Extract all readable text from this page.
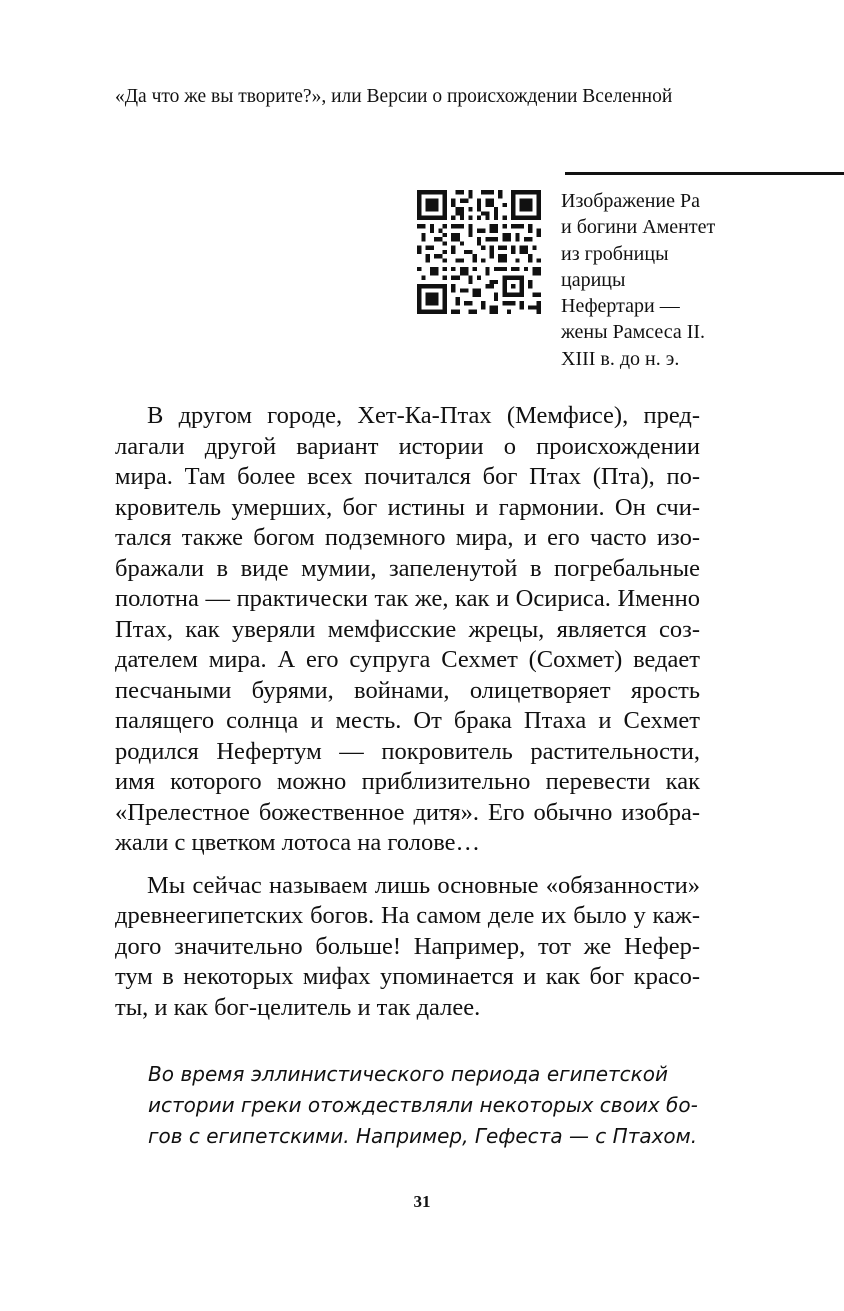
«Да что же вы творите?», или Версии о происхождении Вселенной
Изображение Ра
и богини Аментет
из гробницы
царицы
Нефертари —
жены Рамсеса II.
XIII в. до н. э.
В другом городе, Хет-Ка-Птах (Мемфисе), пред-
лагали другой вариант истории о происхождении
мира. Там более всех почитался бог Птах (Пта), по-
кровитель умерших, бог истины и гармонии. Он счи-
тался также богом подземного мира, и его часто изо-
бражали в виде мумии, запеленутой в погребальные
полотна — практически так же, как и Осириса. Именно
Птах, как уверяли мемфисские жрецы, является соз-
дателем мира. А его супруга Сехмет (Сохмет) ведает
песчаными бурями, войнами, олицетворяет ярость
палящего солнца и месть. От брака Птаха и Сехмет
родился Нефертум — покровитель растительности,
имя которого можно приблизительно перевести как
«Прелестное божественное дитя». Его обычно изобра-
жали с цветком лотоса на голове…
Мы сейчас называем лишь основные «обязанности»
древнеегипетских богов. На самом деле их было у каж-
дого значительно больше! Например, тот же Нефер-
тум в некоторых мифах упоминается и как бог красо-
ты, и как бог-целитель и так далее.
Во время эллинистического периода египетской
истории греки отождествляли некоторых своих бо-
гов с египетскими. Например, Гефеста — с Птахом.
31
